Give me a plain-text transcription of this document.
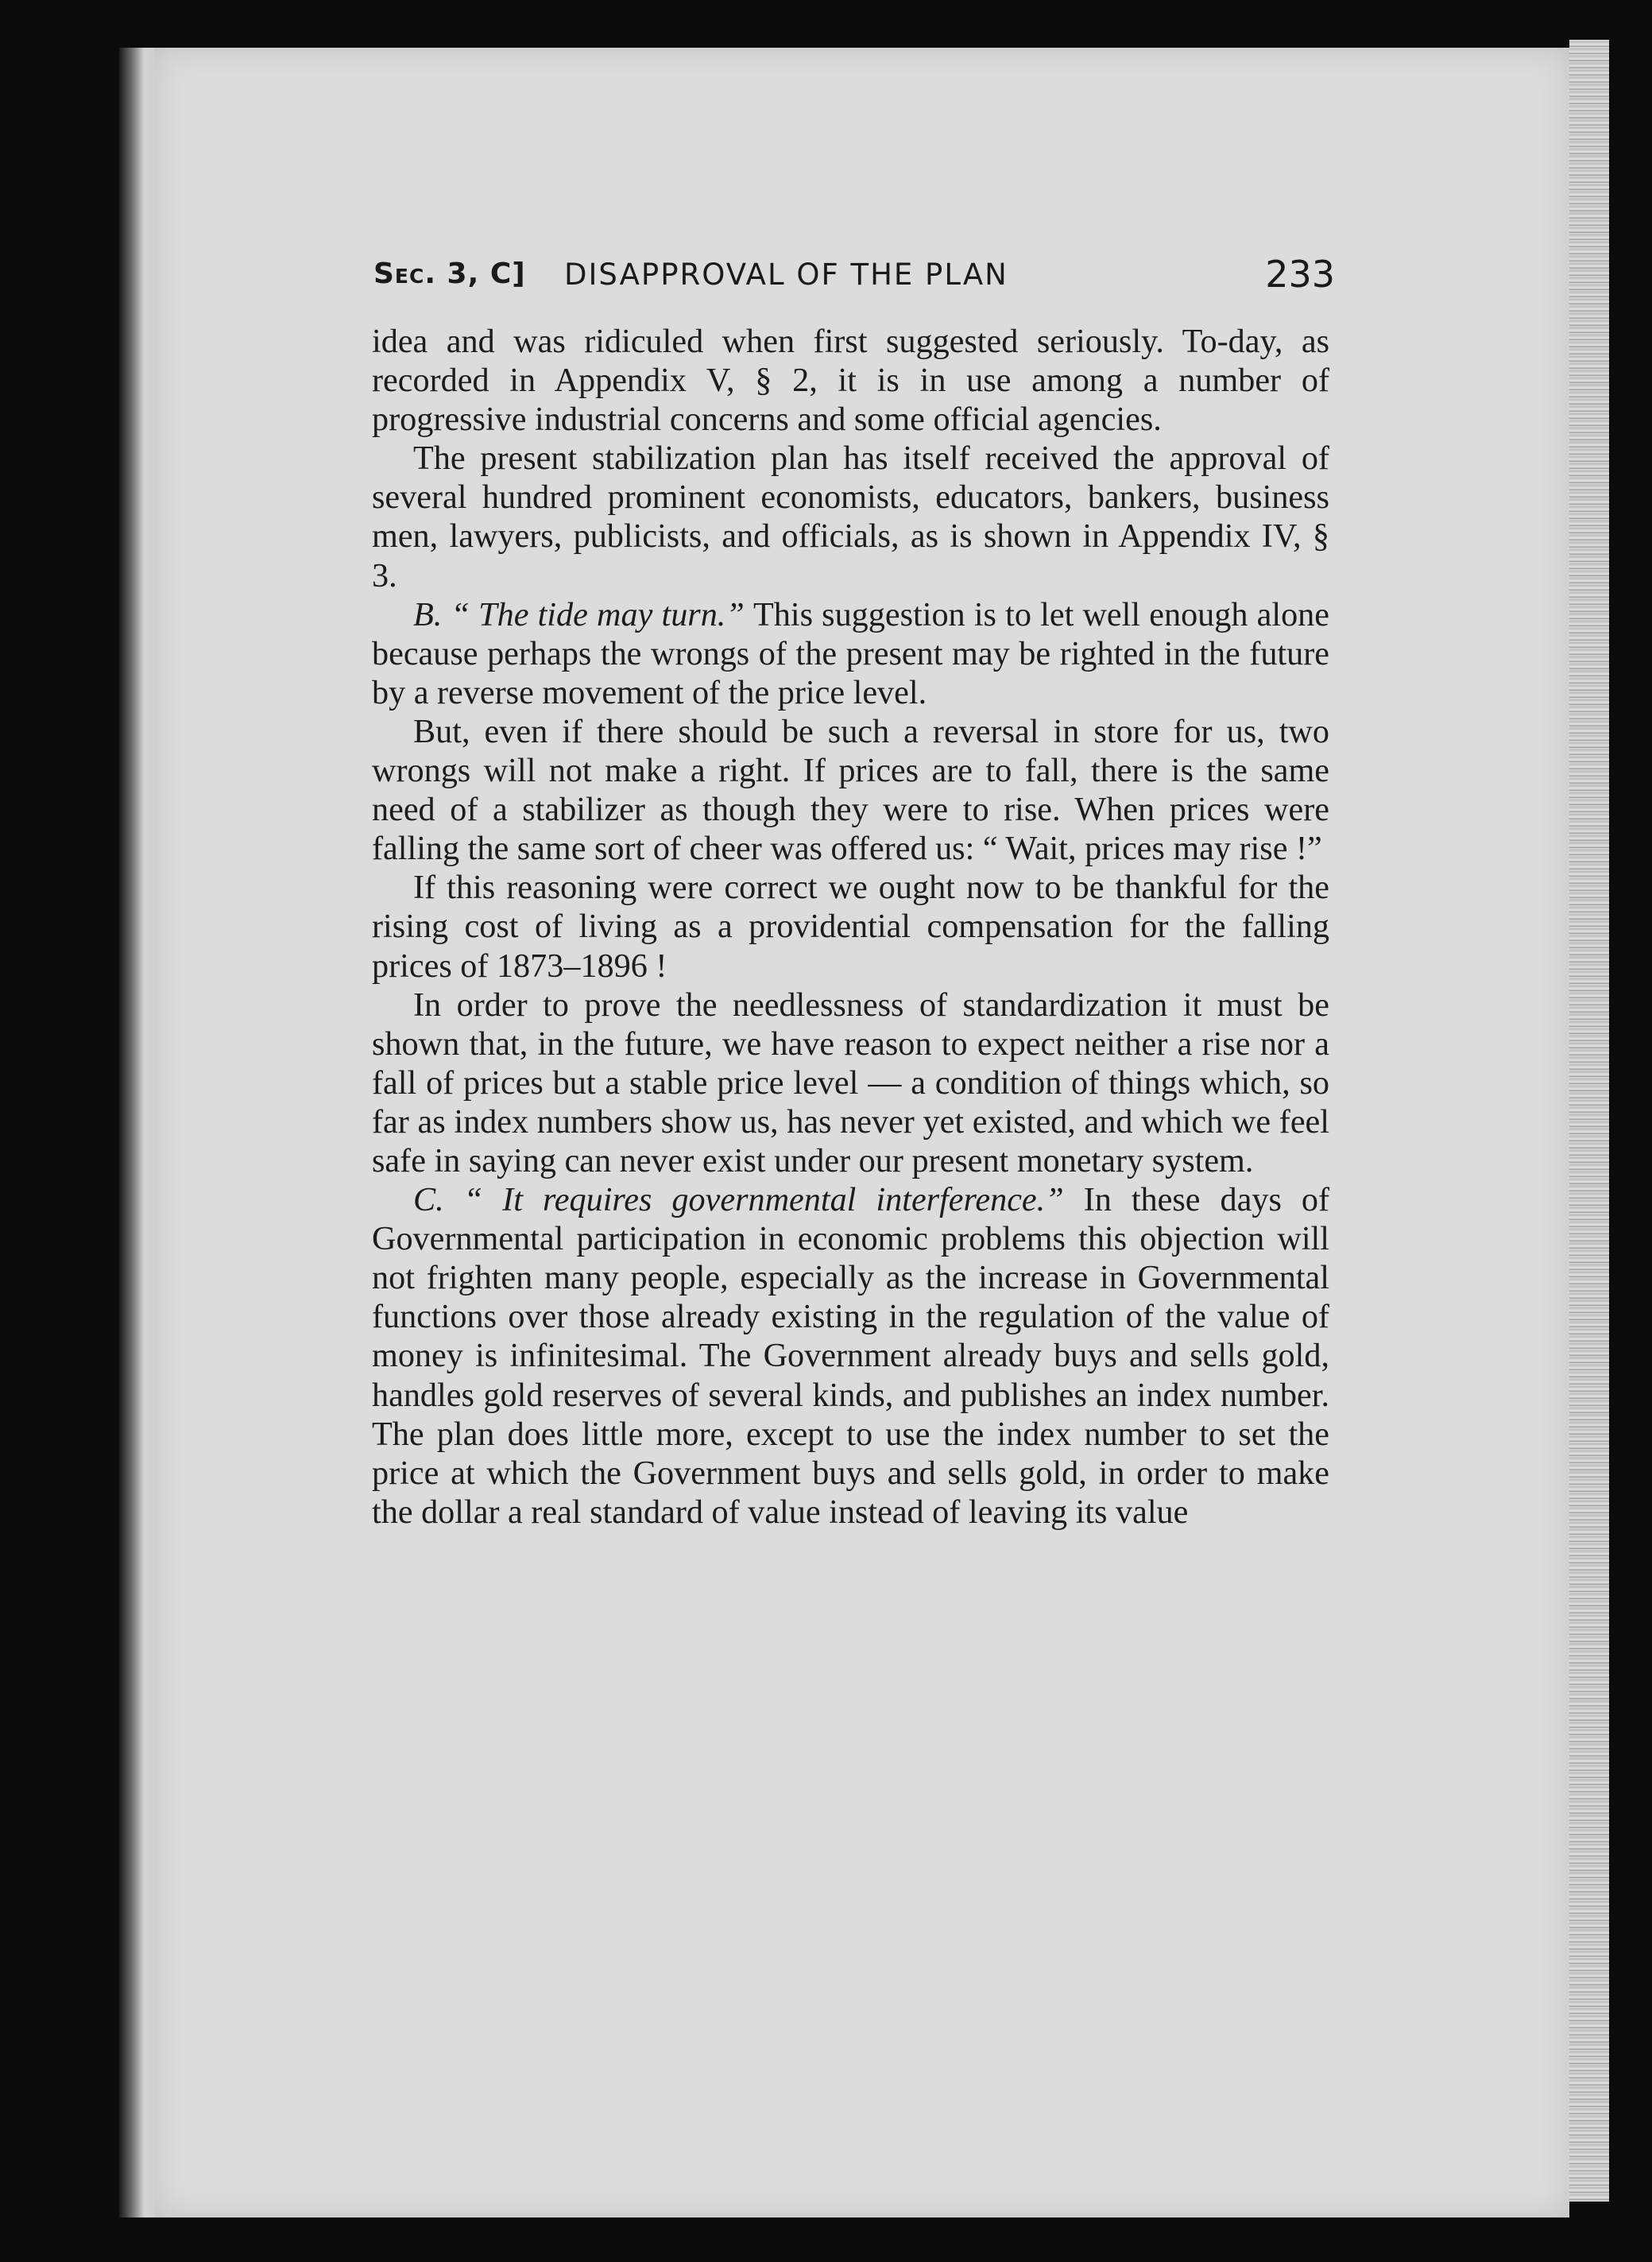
Sec. 3, C] DISAPPROVAL OF THE PLAN	233

idea and was ridiculed when first suggested seriously. To-day, as recorded in Appendix V, § 2, it is in use among a number of progressive industrial concerns and some official agencies.

The present stabilization plan has itself received the approval of several hundred prominent economists, educators, bankers, business men, lawyers, publicists, and officials, as is shown in Appendix IV, § 3.

B. “ The tide may turn.” This suggestion is to let well enough alone because perhaps the wrongs of the present may be righted in the future by a reverse movement of the price level.

But, even if there should be such a reversal in store for us, two wrongs will not make a right. If prices are to fall, there is the same need of a stabilizer as though they were to rise. When prices were falling the same sort of cheer was offered us: “ Wait, prices may rise !”

If this reasoning were correct we ought now to be thankful for the rising cost of living as a providential compensation for the falling prices of 1873–1896 !

In order to prove the needlessness of standardization it must be shown that, in the future, we have reason to expect neither a rise nor a fall of prices but a stable price level — a condition of things which, so far as index numbers show us, has never yet existed, and which we feel safe in saying can never exist under our present monetary system.

C. “ It requires governmental interference.” In these days of Governmental participation in economic problems this objection will not frighten many people, especially as the increase in Governmental functions over those already existing in the regulation of the value of money is infinitesimal. The Government already buys and sells gold, handles gold reserves of several kinds, and publishes an index number. The plan does little more, except to use the index number to set the price at which the Government buys and sells gold, in order to make the dollar a real standard of value instead of leaving its value
